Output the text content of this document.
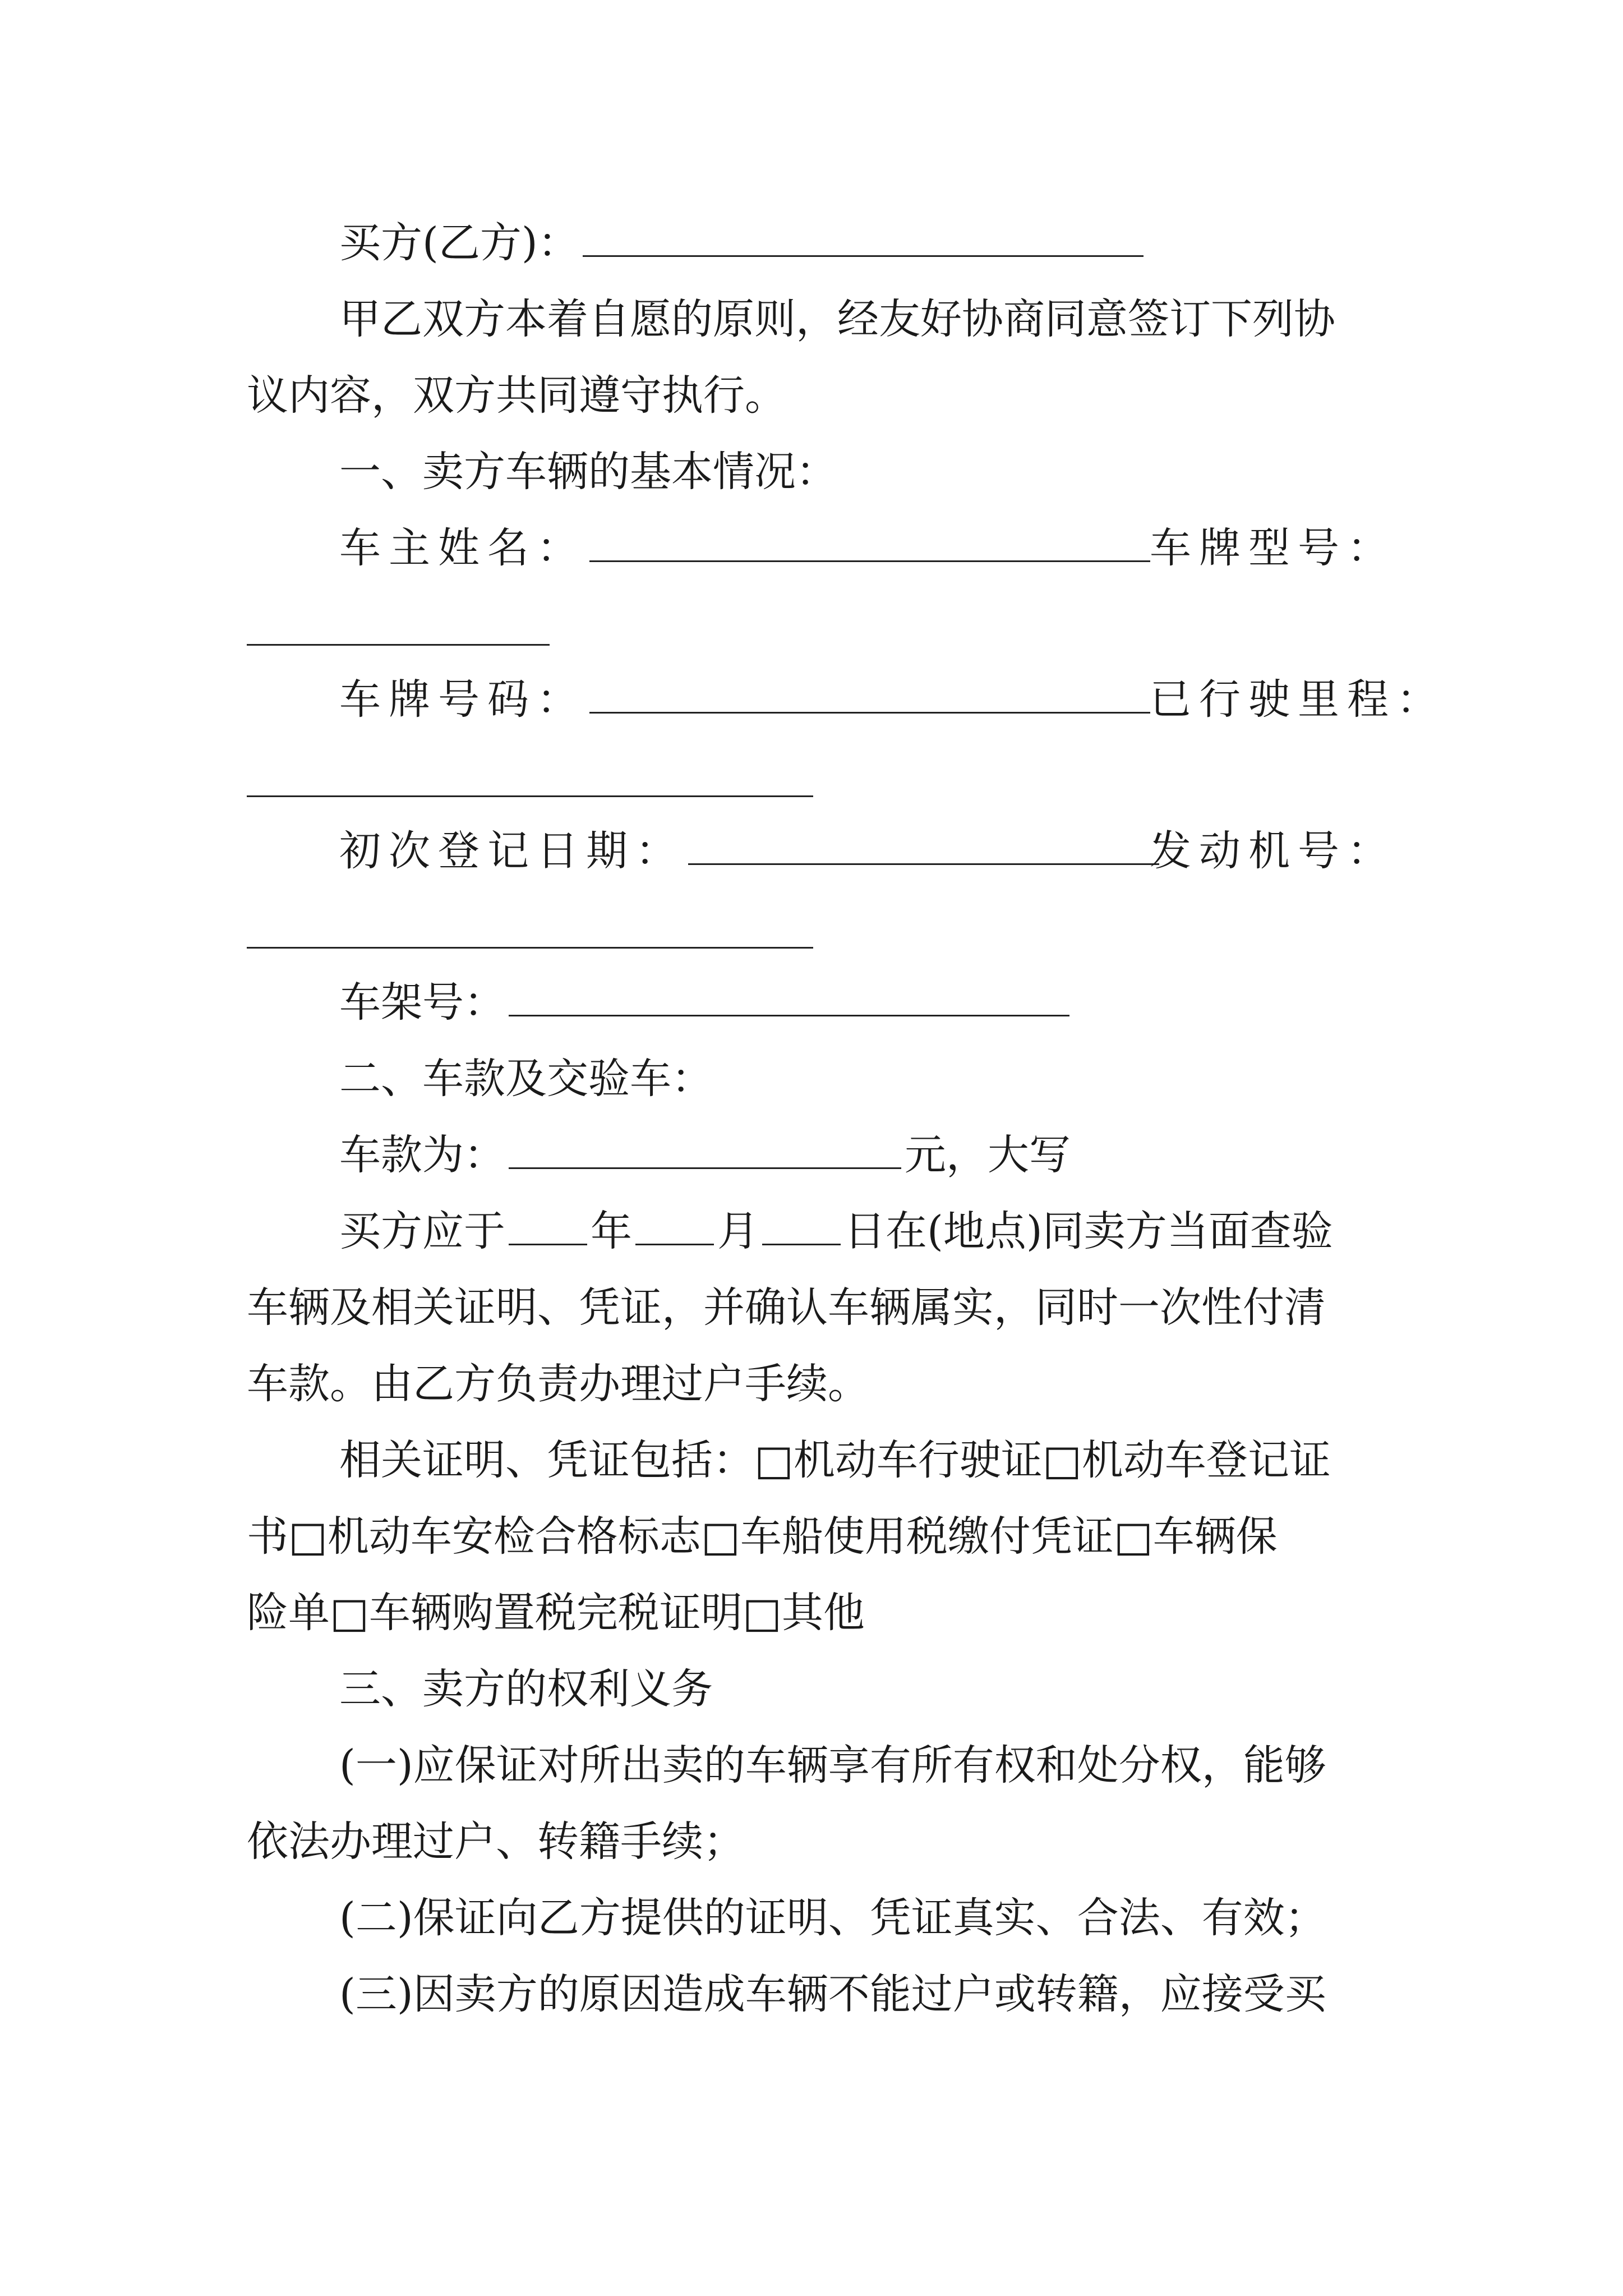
买方(乙方)：
甲乙双方本着自愿的原则，经友好协商同意签订下列协
议内容，双方共同遵守执行。
一、卖方车辆的基本情况：
车主姓名：	车牌型号：
车牌号码：	已行驶里程：
初次登记日期：	发动机号：
车架号：
二、车款及交验车：
车款为：	元，大写
买方应于 年 月 日在(地点)同卖方当面查验
车辆及相关证明、凭证，并确认车辆属实，同时一次性付清
车款。由乙方负责办理过户手续。
相关证明、凭证包括：□机动车行驶证□机动车登记证
书□机动车安检合格标志□车船使用税缴付凭证□车辆保
险单□车辆购置税完税证明□其他
三、卖方的权利义务
(一)应保证对所出卖的车辆享有所有权和处分权，能够
依法办理过户、转籍手续；
(二)保证向乙方提供的证明、凭证真实、合法、有效；
(三)因卖方的原因造成车辆不能过户或转籍，应接受买
